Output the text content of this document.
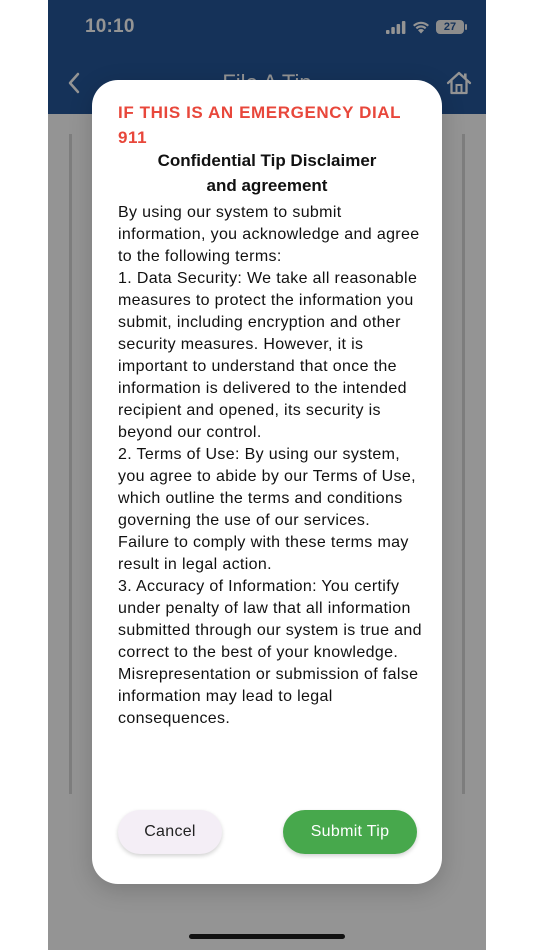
10:10	27
IF THIS IS AN EMERGENCY DIAL 911
Confidential Tip Disclaimer
and agreement
By using our system to submit information, you acknowledge and agree to the following terms:
1. Data Security: We take all reasonable measures to protect the information you submit, including encryption and other security measures. However, it is important to understand that once the information is delivered to the intended recipient and opened, its security is beyond our control.
2. Terms of Use: By using our system, you agree to abide by our Terms of Use, which outline the terms and conditions governing the use of our services. Failure to comply with these terms may result in legal action.
3. Accuracy of Information: You certify under penalty of law that all information submitted through our system is true and correct to the best of your knowledge. Misrepresentation or submission of false information may lead to legal consequences.
Cancel	Submit Tip
